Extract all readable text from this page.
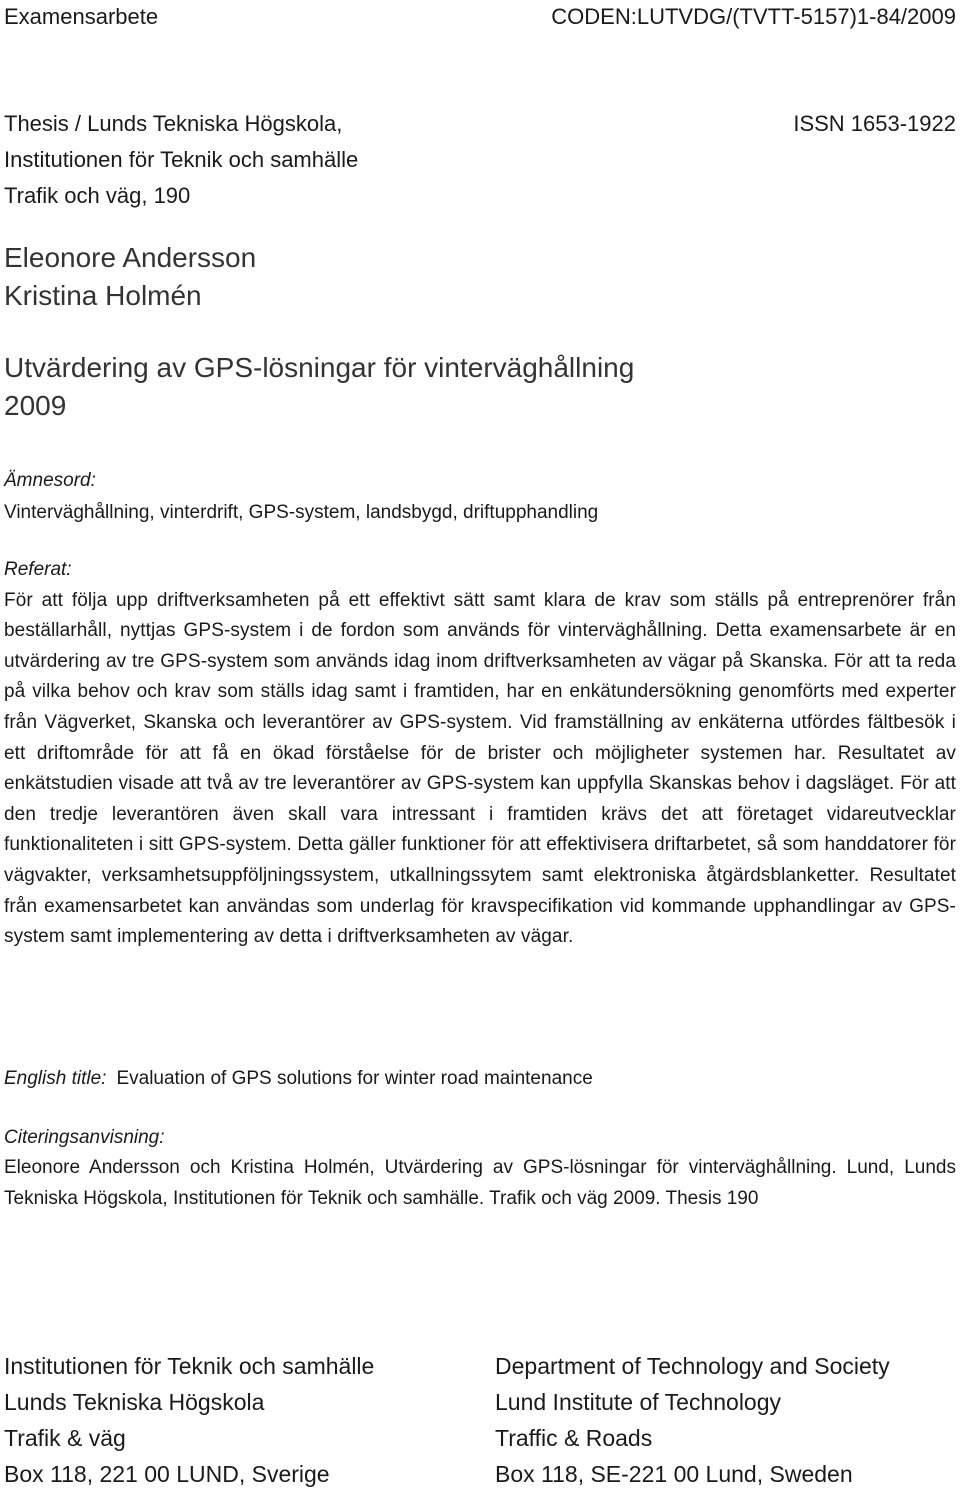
Examensarbete	CODEN:LUTVDG/(TVTT-5157)1-84/2009
Thesis / Lunds Tekniska Högskola,	ISSN 1653-1922
Institutionen för Teknik och samhälle
Trafik och väg, 190
Eleonore Andersson
Kristina Holmén
Utvärdering av GPS-lösningar för vinterväghållning
2009
Ämnesord:
Vinterväghållning, vinterdrift, GPS-system, landsbygd, driftupphandling
Referat:

För att följa upp driftverksamheten på ett effektivt sätt samt klara de krav som ställs på entreprenörer från beställarhåll, nyttjas GPS-system i de fordon som används för vinterväghållning. Detta examensarbete är en utvärdering av tre GPS-system som används idag inom driftverksamheten av vägar på Skanska. För att ta reda på vilka behov och krav som ställs idag samt i framtiden, har en enkätundersökning genomförts med experter från Vägverket, Skanska och leverantörer av GPS-system. Vid framställning av enkäterna utfördes fältbesök i ett driftområde för att få en ökad förståelse för de brister och möjligheter systemen har. Resultatet av enkätstudien visade att två av tre leverantörer av GPS-system kan uppfylla Skanskas behov i dagsläget. För att den tredje leverantören även skall vara intressant i framtiden krävs det att företaget vidareutvecklar funktionaliteten i sitt GPS-system. Detta gäller funktioner för att effektivisera driftarbetet, så som handdatorer för vägvakter, verksamhetsuppföljningssystem, utkallningssytem samt elektroniska åtgärdsblanketter. Resultatet från examensarbetet kan användas som underlag för kravspecifikation vid kommande upphandlingar av GPS-system samt implementering av detta i driftverksamheten av vägar.

English title: Evaluation of GPS solutions for winter road maintenance
Citeringsanvisning:

Eleonore Andersson och Kristina Holmén, Utvärdering av GPS-lösningar för vinterväghållning. Lund, Lunds Tekniska Högskola, Institutionen för Teknik och samhälle. Trafik och väg 2009. Thesis 190

Institutionen för Teknik och samhälle
Lunds Tekniska Högskola
Trafik & väg
Box 118, 221 00 LUND, Sverige
Department of Technology and Society
Lund Institute of Technology
Traffic & Roads
Box 118, SE-221 00 Lund, Sweden
